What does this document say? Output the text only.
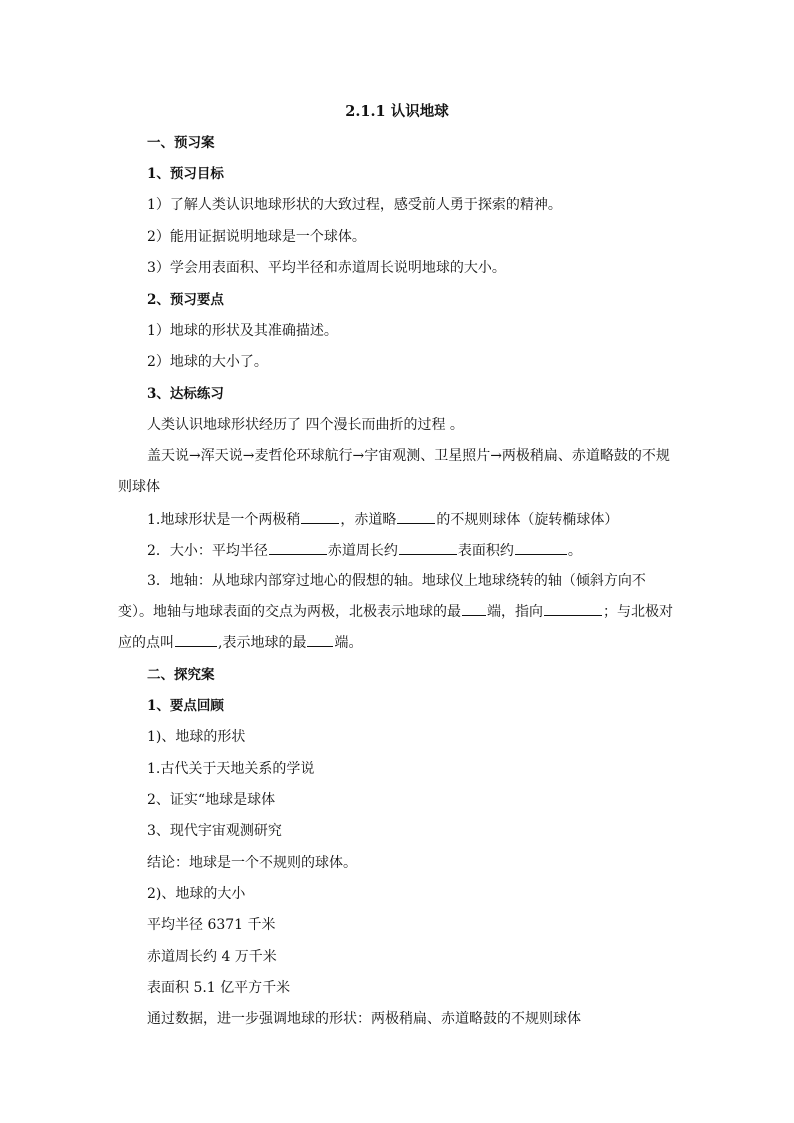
2.1.1 认识地球
一、预习案
1、预习目标
1）了解人类认识地球形状的大致过程，感受前人勇于探索的精神。
2）能用证据说明地球是一个球体。
3）学会用表面积、平均半径和赤道周长说明地球的大小。
2、预习要点
1）地球的形状及其准确描述。
2）地球的大小了。
3、达标练习
人类认识地球形状经历了 四个漫长而曲折的过程 。
盖天说→浑天说→麦哲伦环球航行→宇宙观测、卫星照片→两极稍扁、赤道略鼓的不规则球体
1.地球形状是一个两极稍	，赤道略	的不规则球体（旋转椭球体）
2．大小：平均半径	赤道周长约	表面积约	。
3．地轴：从地球内部穿过地心的假想的轴。地球仪上地球绕转的轴（倾斜方向不变）。地轴与地球表面的交点为两极，北极表示地球的最 端，指向	；与北极对应的点叫	,表示地球的最 端。
二、探究案
1、要点回顾
1)、地球的形状
1.古代关于天地关系的学说
2、证实“地球是球体
3、现代宇宙观测研究
结论：地球是一个不规则的球体。
2)、地球的大小
平均半径 6371 千米
赤道周长约 4 万千米
表面积 5.1 亿平方千米
通过数据，进一步强调地球的形状：两极稍扁、赤道略鼓的不规则球体
